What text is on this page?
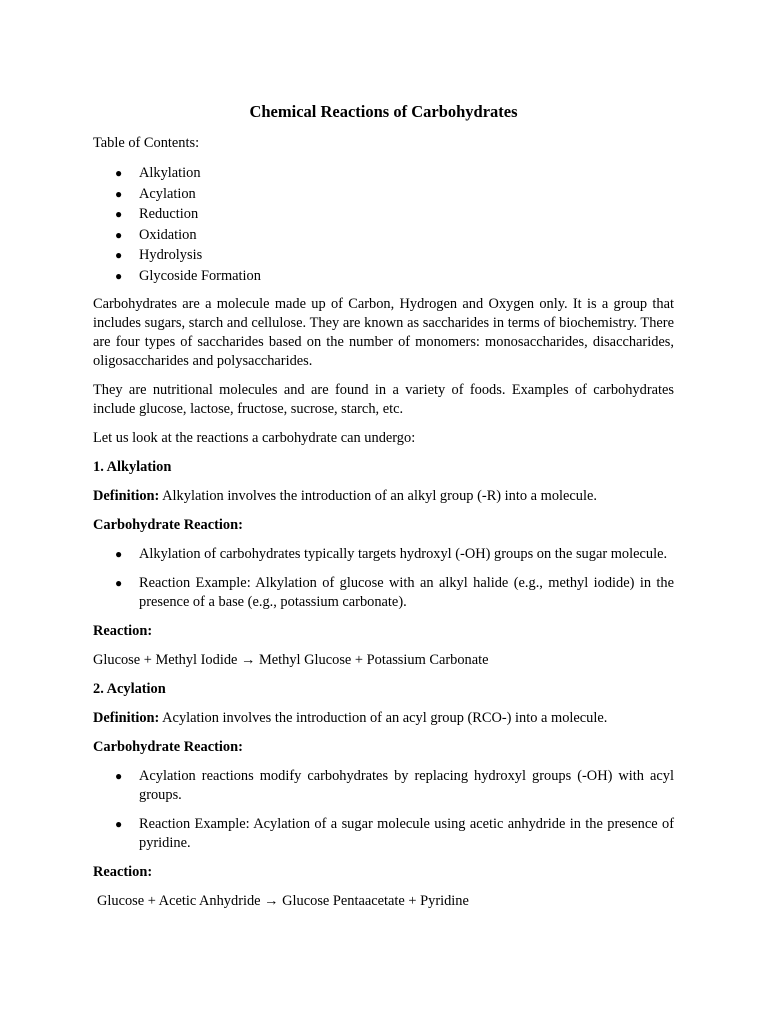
Chemical Reactions of Carbohydrates

Table of Contents:

● Alkylation
● Acylation
● Reduction
● Oxidation
● Hydrolysis
● Glycoside Formation

Carbohydrates are a molecule made up of Carbon, Hydrogen and Oxygen only. It is a group that includes sugars, starch and cellulose. They are known as saccharides in terms of biochemistry. There are four types of saccharides based on the number of monomers: monosaccharides, disaccharides, oligosaccharides and polysaccharides.

They are nutritional molecules and are found in a variety of foods. Examples of carbohydrates include glucose, lactose, fructose, sucrose, starch, etc.

Let us look at the reactions a carbohydrate can undergo:

1. Alkylation

Definition: Alkylation involves the introduction of an alkyl group (-R) into a molecule.

Carbohydrate Reaction:

● Alkylation of carbohydrates typically targets hydroxyl (-OH) groups on the sugar molecule.
● Reaction Example: Alkylation of glucose with an alkyl halide (e.g., methyl iodide) in the presence of a base (e.g., potassium carbonate).

Reaction:

Glucose + Methyl Iodide → Methyl Glucose + Potassium Carbonate

2. Acylation

Definition: Acylation involves the introduction of an acyl group (RCO-) into a molecule.

Carbohydrate Reaction:

● Acylation reactions modify carbohydrates by replacing hydroxyl groups (-OH) with acyl groups.
● Reaction Example: Acylation of a sugar molecule using acetic anhydride in the presence of pyridine.

Reaction:

Glucose + Acetic Anhydride → Glucose Pentaacetate + Pyridine
